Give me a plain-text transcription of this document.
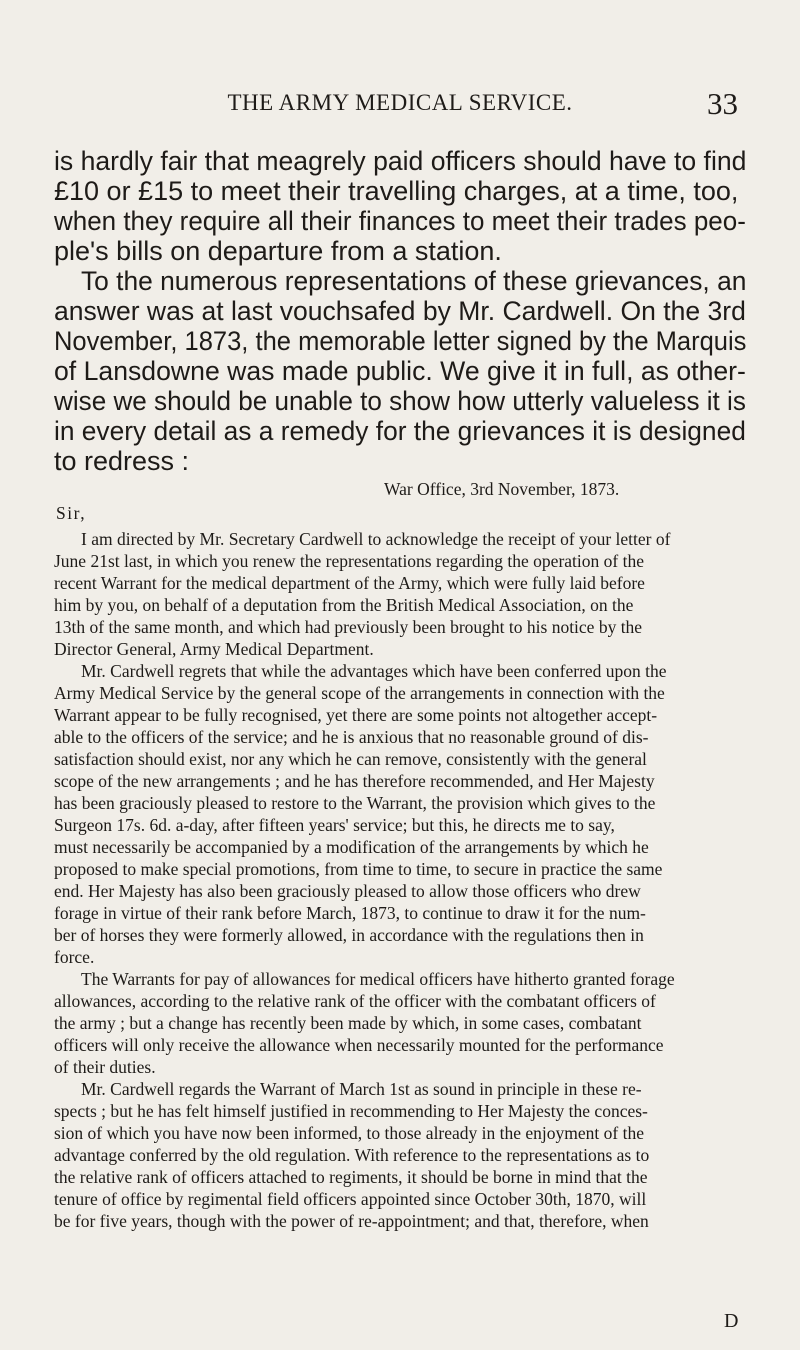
THE ARMY MEDICAL SERVICE.	33
is hardly fair that meagrely paid officers should have to find
£10 or £15 to meet their travelling charges, at a time, too,
when they require all their finances to meet their trades peo-
ple's bills on departure from a station.
To the numerous representations of these grievances, an
answer was at last vouchsafed by Mr. Cardwell. On the 3rd
November, 1873, the memorable letter signed by the Marquis
of Lansdowne was made public. We give it in full, as other-
wise we should be unable to show how utterly valueless it is
in every detail as a remedy for the grievances it is designed
to redress :
War Office, 3rd November, 1873.
Sir,
I am directed by Mr. Secretary Cardwell to acknowledge the receipt of your letter of
June 21st last, in which you renew the representations regarding the operation of the
recent Warrant for the medical department of the Army, which were fully laid before
him by you, on behalf of a deputation from the British Medical Association, on the
13th of the same month, and which had previously been brought to his notice by the
Director General, Army Medical Department.
Mr. Cardwell regrets that while the advantages which have been conferred upon the
Army Medical Service by the general scope of the arrangements in connection with the
Warrant appear to be fully recognised, yet there are some points not altogether accept-
able to the officers of the service; and he is anxious that no reasonable ground of dis-
satisfaction should exist, nor any which he can remove, consistently with the general
scope of the new arrangements ; and he has therefore recommended, and Her Majesty
has been graciously pleased to restore to the Warrant, the provision which gives to the
Surgeon 17s. 6d. a-day, after fifteen years' service; but this, he directs me to say,
must necessarily be accompanied by a modification of the arrangements by which he
proposed to make special promotions, from time to time, to secure in practice the same
end. Her Majesty has also been graciously pleased to allow those officers who drew
forage in virtue of their rank before March, 1873, to continue to draw it for the num-
ber of horses they were formerly allowed, in accordance with the regulations then in
force.
The Warrants for pay of allowances for medical officers have hitherto granted forage
allowances, according to the relative rank of the officer with the combatant officers of
the army ; but a change has recently been made by which, in some cases, combatant
officers will only receive the allowance when necessarily mounted for the performance
of their duties.
Mr. Cardwell regards the Warrant of March 1st as sound in principle in these re-
spects ; but he has felt himself justified in recommending to Her Majesty the conces-
sion of which you have now been informed, to those already in the enjoyment of the
advantage conferred by the old regulation. With reference to the representations as to
the relative rank of officers attached to regiments, it should be borne in mind that the
tenure of office by regimental field officers appointed since October 30th, 1870, will
be for five years, though with the power of re-appointment; and that, therefore, when
D
